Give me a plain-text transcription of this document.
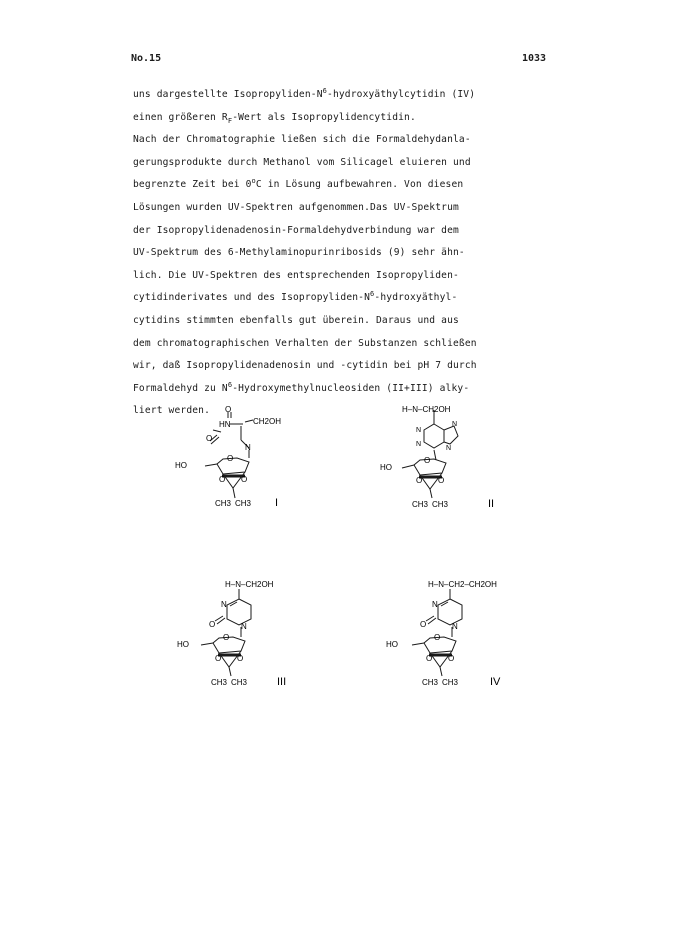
No.15	1033
uns dargestellte Isopropyliden-$N^6$-hydroxyäthylcytidin (IV)
einen größeren $R_F$-Wert als Isopropylidencytidin.
Nach der Chromatographie ließen sich die Formaldehydanla-
gerungsprodukte durch Methanol vom Silicagel eluieren und
begrenzte Zeit bei 0$^o$C in Lösung aufbewahren. Von diesen
Lösungen wurden UV-Spektren aufgenommen.Das UV-Spektrum
der Isopropylidenadenosin-Formaldehydverbindung war dem
UV-Spektrum des 6-Methylaminopurinribosids (9) sehr ähn-
lich. Die UV-Spektren des entsprechenden Isopropyliden-
cytidinderivates und des Isopropyliden-$N^6-hydroxyäthyl-$
cytidins stimmten ebenfalls gut überein. Daraus und aus
dem chromatographischen Verhalten der Substanzen schließen
wir, daß Isopropylidenadenosin und -cytidin bei pH 7 durch
Formaldehyd zu $N^6$-Hydroxymethylnucleosiden (II+III) alky-
liert werden.	O
HN	CH2OH
O
N
HO
O
O O
CH3 CH3 I
H–N–CH2OH
N
N
N
N
HO
O
O O
CH3 CH3	II
H–N–CH2OH
N
O	N
HO
O
O O
CH3 CH3	III
H–N–CH2–CH2OH
N
O	N
HO
O
O O
CH3 CH3	IV
